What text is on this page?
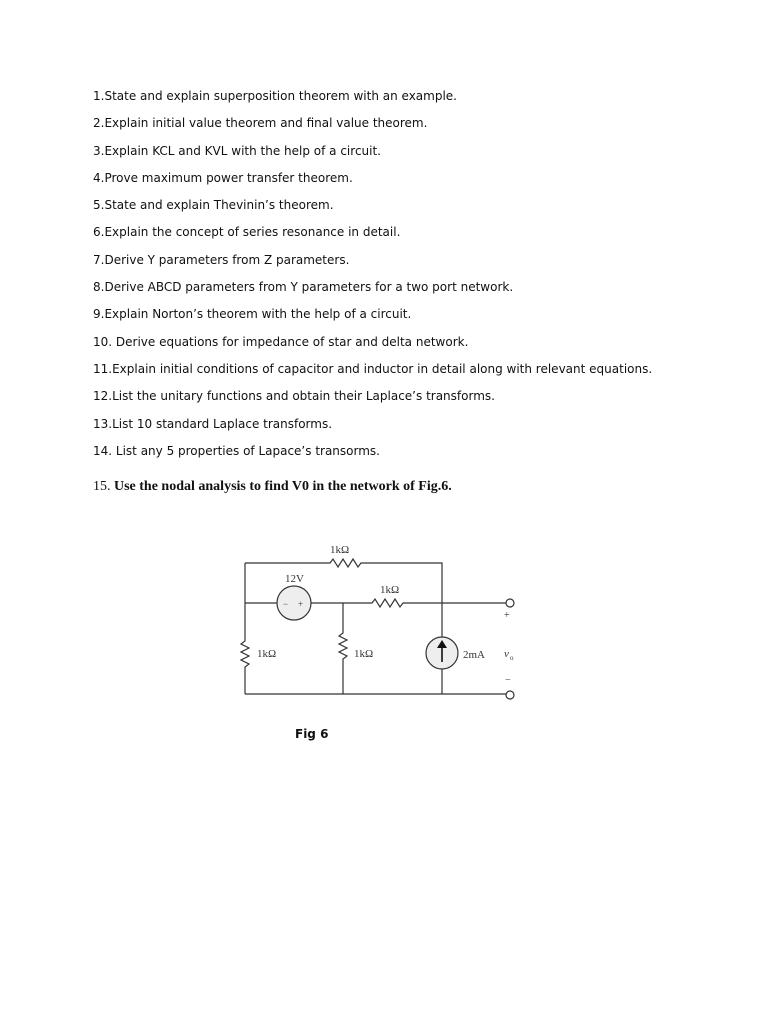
1.State and explain superposition theorem with an example.
2.Explain initial value theorem and final value theorem.
3.Explain KCL and KVL with the help of a circuit.
4.Prove maximum power transfer theorem.
5.State and explain Thevinin’s theorem.
6.Explain the concept of series resonance in detail.
7.Derive Y parameters from Z parameters.
8.Derive ABCD parameters from Y parameters for a two port network.
9.Explain Norton’s theorem with the help of a circuit.
10. Derive equations for impedance of star and delta network.
11.Explain initial conditions of capacitor and inductor in detail along with relevant equations.
12.List the unitary functions and obtain their Laplace’s transforms.
13.List 10 standard Laplace transforms.
14. List any 5 properties of Lapace’s transorms.
15. Use the nodal analysis to find V0 in the network of Fig.6.
1kΩ
12V
− +
1kΩ
1kΩ	1kΩ	2mA
+
v o
−
Fig 6
